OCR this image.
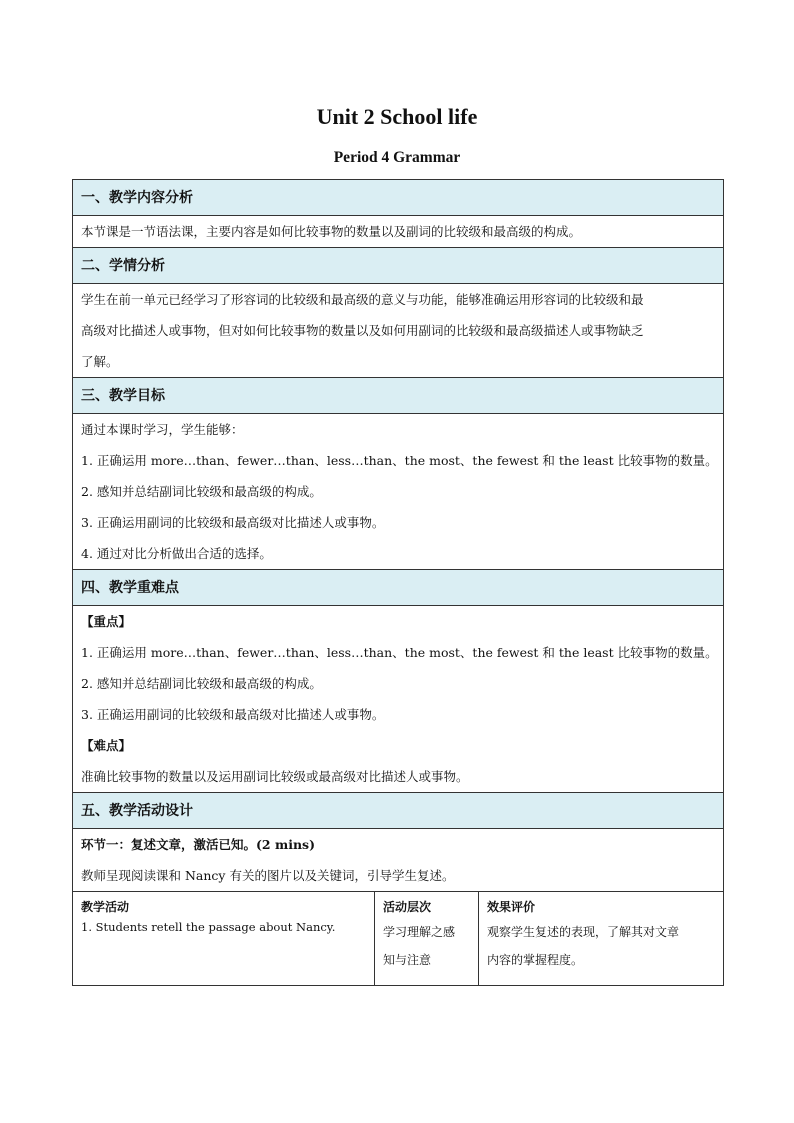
Unit 2 School life
Period 4 Grammar
一、教学内容分析
本节课是一节语法课，主要内容是如何比较事物的数量以及副词的比较级和最高级的构成。
二、学情分析
学生在前一单元已经学习了形容词的比较级和最高级的意义与功能，能够准确运用形容词的比较级和最
高级对比描述人或事物，但对如何比较事物的数量以及如何用副词的比较级和最高级描述人或事物缺乏
了解。
三、教学目标
通过本课时学习，学生能够：
1. 正确运用 more…than、fewer…than、less…than、the most、the fewest 和 the least 比较事物的数量。
2. 感知并总结副词比较级和最高级的构成。
3. 正确运用副词的比较级和最高级对比描述人或事物。
4. 通过对比分析做出合适的选择。
四、教学重难点
【重点】
1. 正确运用 more…than、fewer…than、less…than、the most、the fewest 和 the least 比较事物的数量。
2. 感知并总结副词比较级和最高级的构成。
3. 正确运用副词的比较级和最高级对比描述人或事物。
【难点】
准确比较事物的数量以及运用副词比较级或最高级对比描述人或事物。
五、教学活动设计
环节一：复述文章，激活已知。(2 mins)
教师呈现阅读课和 Nancy 有关的图片以及关键词，引导学生复述。
教学活动
1. Students retell the passage about Nancy.
活动层次
学习理解之感
知与注意
效果评价
观察学生复述的表现，了解其对文章
内容的掌握程度。
